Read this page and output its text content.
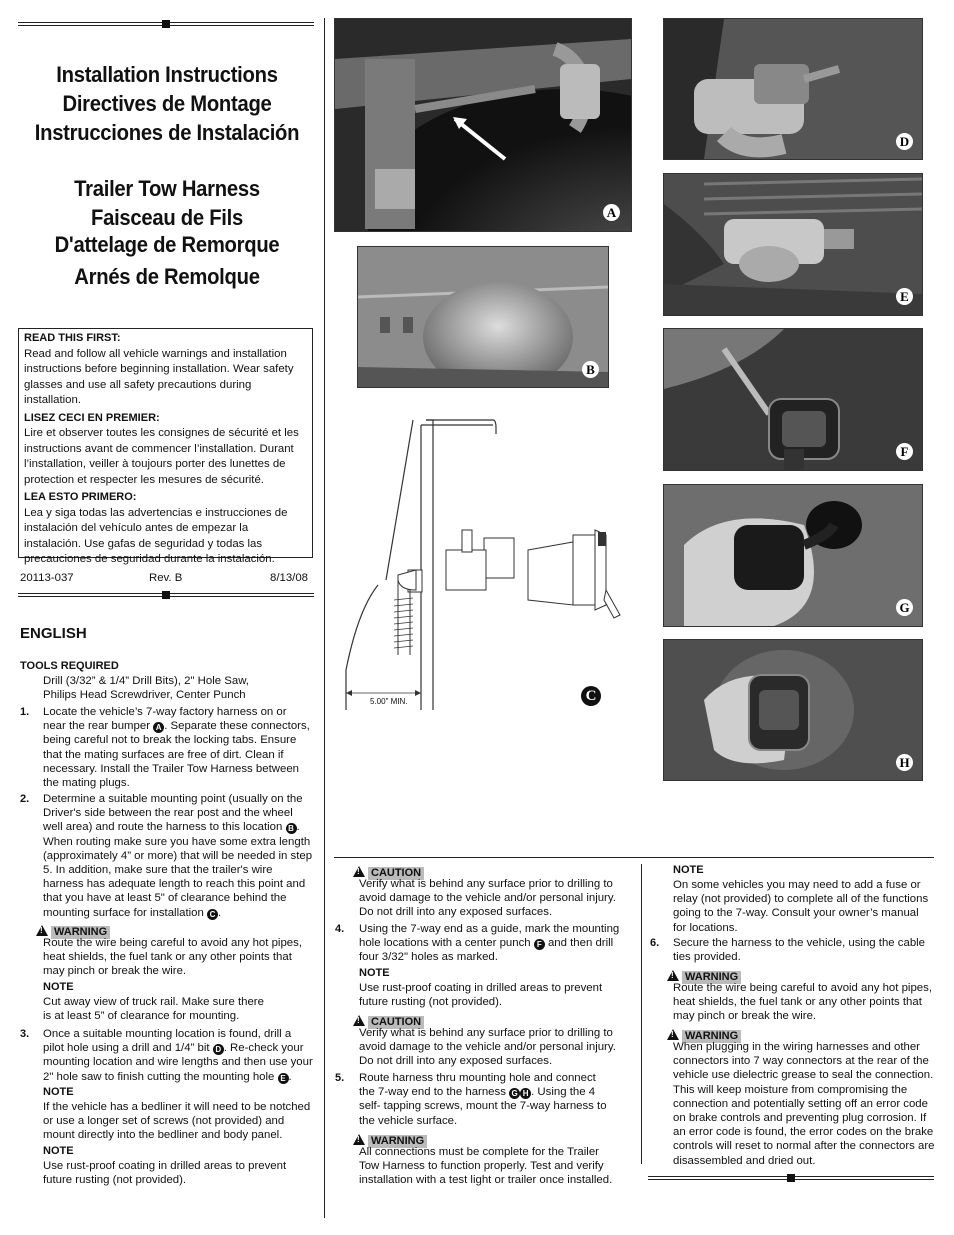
Installation Instructions
Directives de Montage
Instrucciones de Instalación
Trailer Tow Harness
Faisceau de Fils
D'attelage de Remorque
Arnés de Remolque
READ THIS FIRST:
Read and follow all vehicle warnings and installation instructions before beginning installation. Wear safety glasses and use all safety precautions during installation.
LISEZ CECI EN PREMIER:
Lire et observer toutes les consignes de sécurité et les instructions avant de commencer l’installation. Durant l’installation, veiller à toujours porter des lunettes de protection et respecter les mesures de sécurité.
LEA ESTO PRIMERO:
Lea y siga todas las advertencias e instrucciones de instalación del vehículo antes de empezar la instalación. Use gafas de seguridad y todas las precauciones de seguridad durante la instalación.
20113-037	Rev. B	8/13/08
ENGLISH
TOOLS REQUIRED
Drill (3/32” & 1/4” Drill Bits), 2" Hole Saw,
Philips Head Screwdriver, Center Punch
1. Locate the vehicle’s 7-way factory harness on or
near the rear bumper A . Separate these connectors, being careful not to break the locking tabs. Ensure that the mating surfaces are free of dirt. Clean if necessary. Install the Trailer Tow Harness between the mating plugs.
2. Determine a suitable mounting point (usually on the Driver's side between the rear post and the wheel well area) and route the harness to this location B . When routing make sure you have some extra length (approximately 4” or more) that will be needed in step 5. In addition, make sure that the trailer's wire harness has adequate length to reach this point and that you have at least 5" of clearance behind the mounting surface for installation C .
!WARNING
Route the wire being careful to avoid any hot pipes, heat shields, the fuel tank or any other points that may pinch or break the wire.
NOTE
Cut away view of truck rail. Make sure there is at least 5” of clearance for mounting.
3. Once a suitable mounting location is found, drill a pilot hole using a drill and 1/4” bit D . Re-check your mounting location and wire lengths and then use your 2" hole saw to finish cutting the mounting hole E .
NOTE
If the vehicle has a bedliner it will need to be notched or use a longer set of screws (not provided) and mount directly into the bedliner and body panel.
NOTE
Use rust-proof coating in drilled areas to prevent future rusting (not provided).
A
B
5.00" MIN.	C
D
E
F
G
H
!CAUTION
Verify what is behind any surface prior to drilling to avoid damage to the vehicle and/or personal injury. Do not drill into any exposed surfaces.
4. Using the 7-way end as a guide, mark the mounting hole locations with a center punch F and then drill four 3/32" holes as marked.
NOTE
Use rust-proof coating in drilled areas to prevent future rusting (not provided).
!CAUTION
Verify what is behind any surface prior to drilling to avoid damage to the vehicle and/or personal injury. Do not drill into any exposed surfaces.
5. Route harness thru mounting hole and connect the 7-way end to the harness G H . Using the 4 self- tapping screws, mount the 7-way harness to the vehicle surface.
!WARNING
All connections must be complete for the Trailer Tow Harness to function properly. Test and verify installation with a test light or trailer once installed.
NOTE
On some vehicles you may need to add a fuse or relay (not provided) to complete all of the functions going to the 7-way. Consult your owner’s manual for locations.
6. Secure the harness to the vehicle, using the cable ties provided.
!WARNING
Route the wire being careful to avoid any hot pipes, heat shields, the fuel tank or any other points that may pinch or break the wire.
!WARNING
When plugging in the wiring harnesses and other connectors into 7 way connectors at the rear of the vehicle use dielectric grease to seal the connection. This will keep moisture from compromising the connection and potentially setting off an error code on brake controls and preventing plug corrosion. If an error code is found, the error codes on the brake controls will reset to normal after the connectors are disassembled and dried out.
